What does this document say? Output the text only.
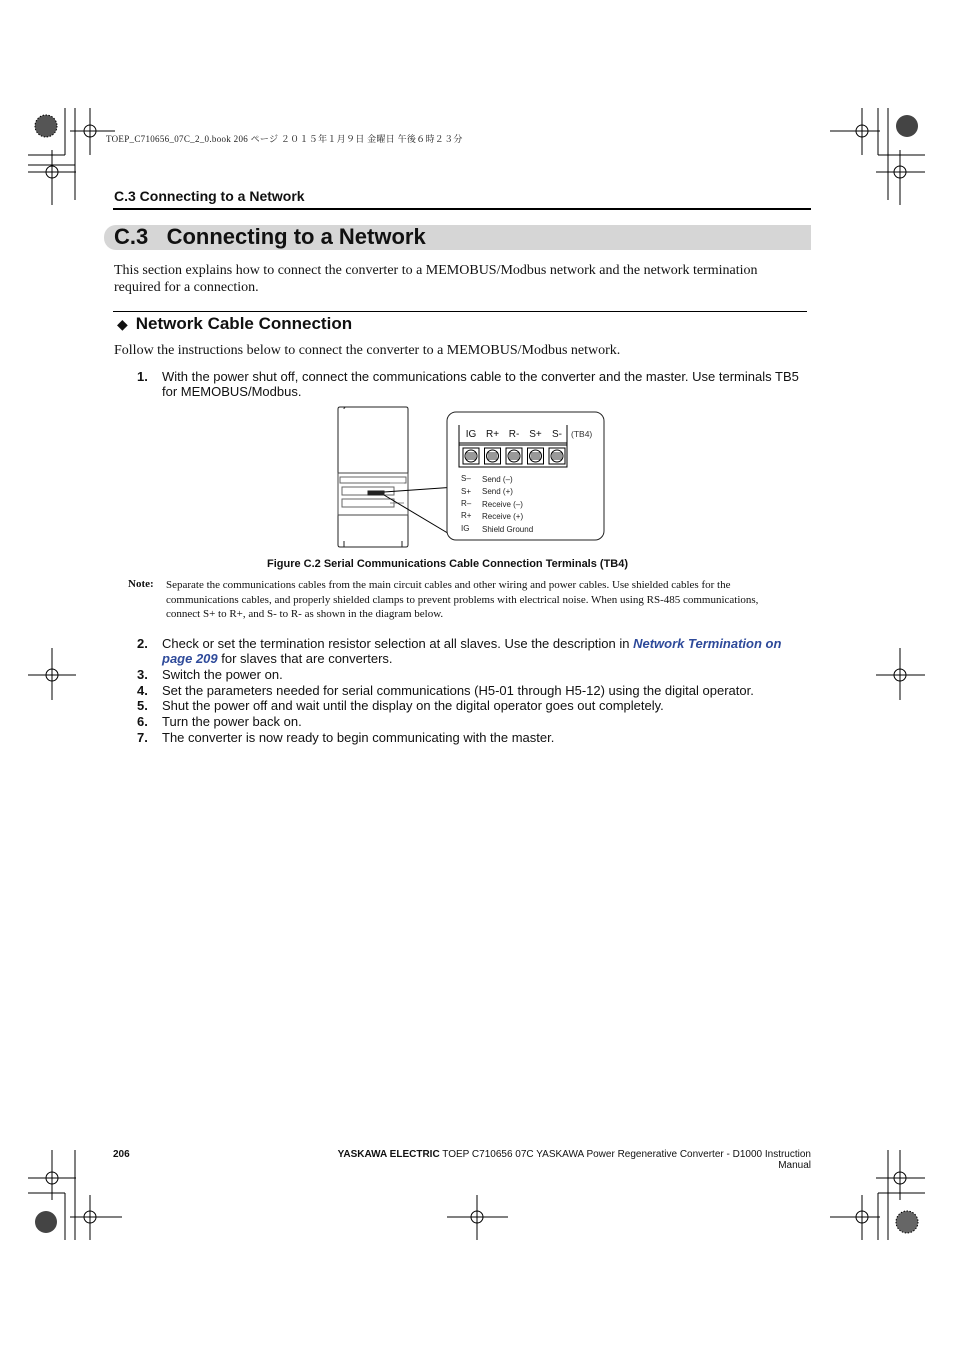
TOEP_C710656_07C_2_0.book 206 ページ ２０１５年１月９日 金曜日 午後６時２３分
C.3 Connecting to a Network
C.3 Connecting to a Network
This section explains how to connect the converter to a MEMOBUS/Modbus network and the network termination required for a connection.
◆ Network Cable Connection
Follow the instructions below to connect the converter to a MEMOBUS/Modbus network.
1. With the power shut off, connect the communications cable to the converter and the master. Use terminals TB5 for MEMOBUS/Modbus.
IG R+ R- S+ S- (TB4)
S– Send (–)
S+ Send (+)
R– Receive (–)
R+ Receive (+)
IG Shield Ground
Figure C.2 Serial Communications Cable Connection Terminals (TB4)
Note: Separate the communications cables from the main circuit cables and other wiring and power cables. Use shielded cables for the communications cables, and properly shielded clamps to prevent problems with electrical noise. When using RS-485 communications, connect S+ to R+, and S- to R- as shown in the diagram below.
2. Check or set the termination resistor selection at all slaves. Use the description in Network Termination on page 209 for slaves that are converters.
3. Switch the power on.
4. Set the parameters needed for serial communications (H5-01 through H5-12) using the digital operator.
5. Shut the power off and wait until the display on the digital operator goes out completely.
6. Turn the power back on.
7. The converter is now ready to begin communicating with the master.
206	YASKAWA ELECTRIC TOEP C710656 07C YASKAWA Power Regenerative Converter - D1000 Instruction Manual
